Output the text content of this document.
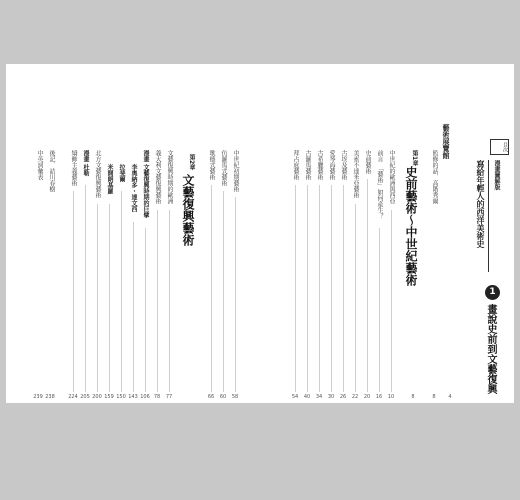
目次
漫畫圖解版
寫給年輕人的西洋美術史
1
畫說史前到文藝復興
藝術展覽館
監修的話．高階秀爾
第1章
史前藝術～中世紀藝術
第2章
文藝復興藝術
後記．詰川春樹
中英詞彙表
4
8
8
238
239
中世紀的歐洲與西亞
10
前言　「藝術」如何產生？
16
史前藝術
20
美索不達米亞藝術
22
古埃及藝術
26
愛琴海藝術
30
古希臘藝術
34
古羅馬藝術
40
拜占庭藝術
54
中世紀初期藝術
58
仿羅馬式藝術
60
歌德式藝術
66
文藝復興時期的歐洲
77
義大利文藝復興藝術
78
漫畫 文藝復興時期的巨擘
106
　　 李奧納多・達文西
143
　　 拉斐爾
150
　　 米開朗基羅
159
北方文藝復興藝術
200
漫畫 杜勒
205
矯飾主義藝術
224
